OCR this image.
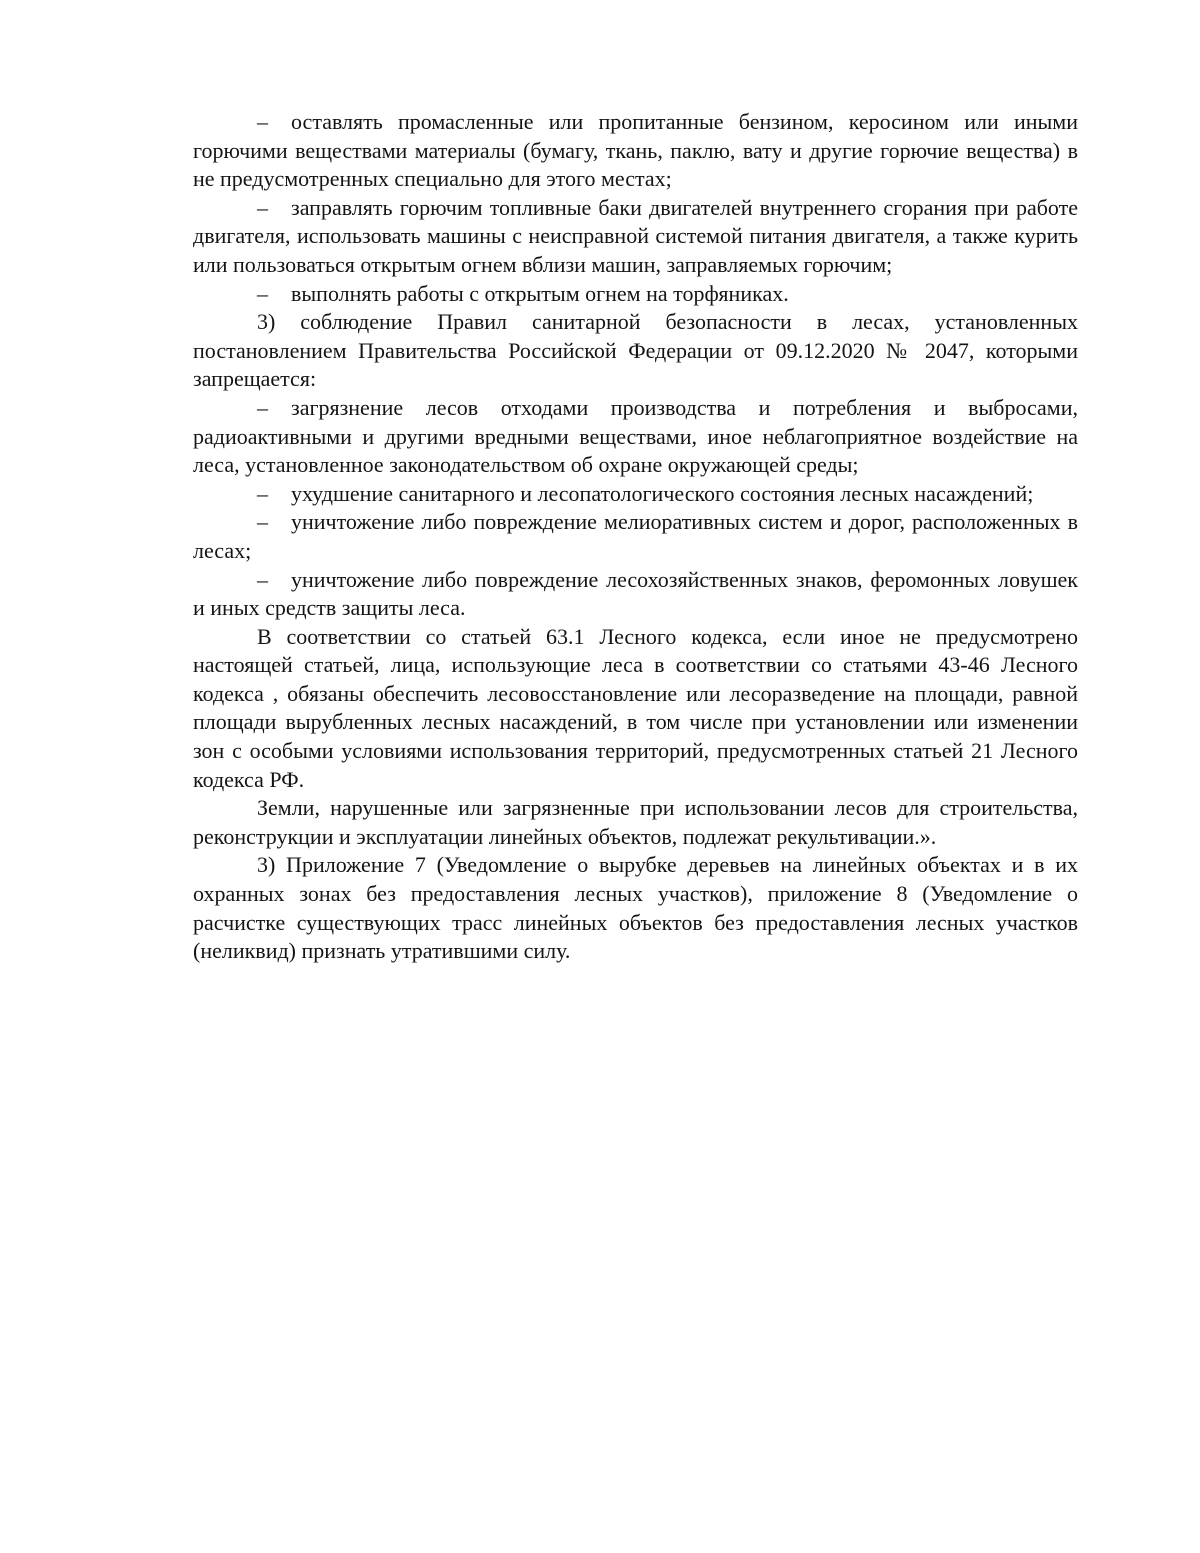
– оставлять промасленные или пропитанные бензином, керосином или иными горючими веществами материалы (бумагу, ткань, паклю, вату и другие горючие вещества) в не предусмотренных специально для этого местах;

– заправлять горючим топливные баки двигателей внутреннего сгорания при работе двигателя, использовать машины с неисправной системой питания двигателя, а также курить или пользоваться открытым огнем вблизи машин, заправляемых горючим;

– выполнять работы с открытым огнем на торфяниках.

3) соблюдение Правил санитарной безопасности в лесах, установленных постановлением Правительства Российской Федерации от 09.12.2020 № 2047, которыми запрещается:

– загрязнение лесов отходами производства и потребления и выбросами, радиоактивными и другими вредными веществами, иное неблагоприятное воздействие на леса, установленное законодательством об охране окружающей среды;

– ухудшение санитарного и лесопатологического состояния лесных насаждений;

– уничтожение либо повреждение мелиоративных систем и дорог, расположенных в лесах;

– уничтожение либо повреждение лесохозяйственных знаков, феромонных ловушек и иных средств защиты леса.

В соответствии со статьей 63.1 Лесного кодекса, если иное не предусмотрено настоящей статьей, лица, использующие леса в соответствии со статьями 43-46 Лесного кодекса , обязаны обеспечить лесовосстановление или лесоразведение на площади, равной площади вырубленных лесных насаждений, в том числе при установлении или изменении зон с особыми условиями использования территорий, предусмотренных статьей 21 Лесного кодекса РФ.

Земли, нарушенные или загрязненные при использовании лесов для строительства, реконструкции и эксплуатации линейных объектов, подлежат рекультивации.».

3) Приложение 7 (Уведомление о вырубке деревьев на линейных объектах и в их охранных зонах без предоставления лесных участков), приложение 8 (Уведомление о расчистке существующих трасс линейных объектов без предоставления лесных участков (неликвид) признать утратившими силу.
